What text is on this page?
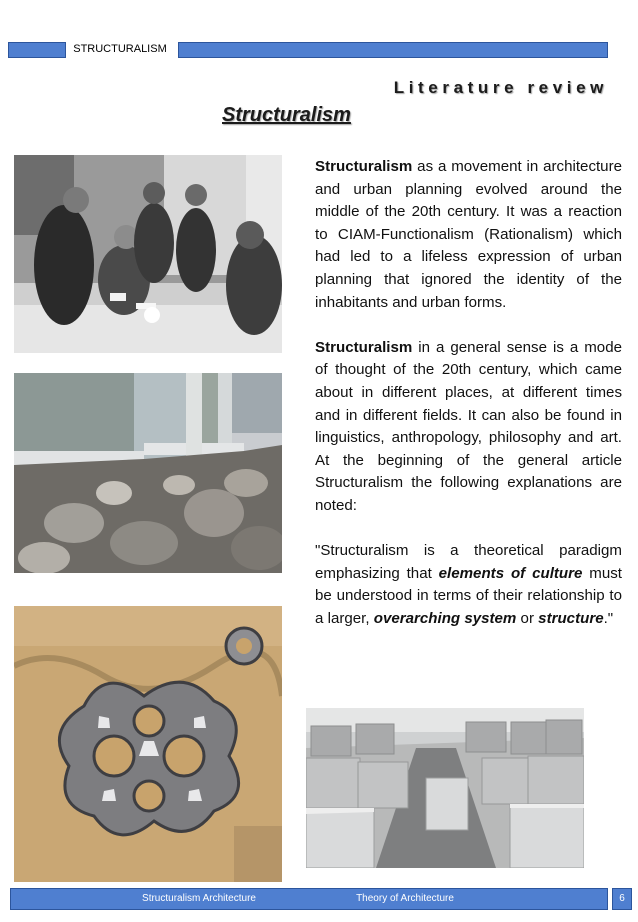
STRUCTURALISM
Literature review
Structuralism

Structuralism as a movement in architecture and urban planning evolved around the middle of the 20th century. It was a reaction to CIAM-Functionalism (Rationalism) which had led to a lifeless expression of urban planning that ignored the identity of the inhabitants and urban forms.

Structuralism in a general sense is a mode of thought of the 20th century, which came about in different places, at different times and in different fields. It can also be found in linguistics, anthropology, philosophy and art. At the beginning of the general article Structuralism the following explanations are noted:

"Structuralism is a theoretical paradigm emphasizing that elements of culture must be understood in terms of their relationship to a larger, overarching system or structure."

Structuralism Architecture	Theory of Architecture	6
